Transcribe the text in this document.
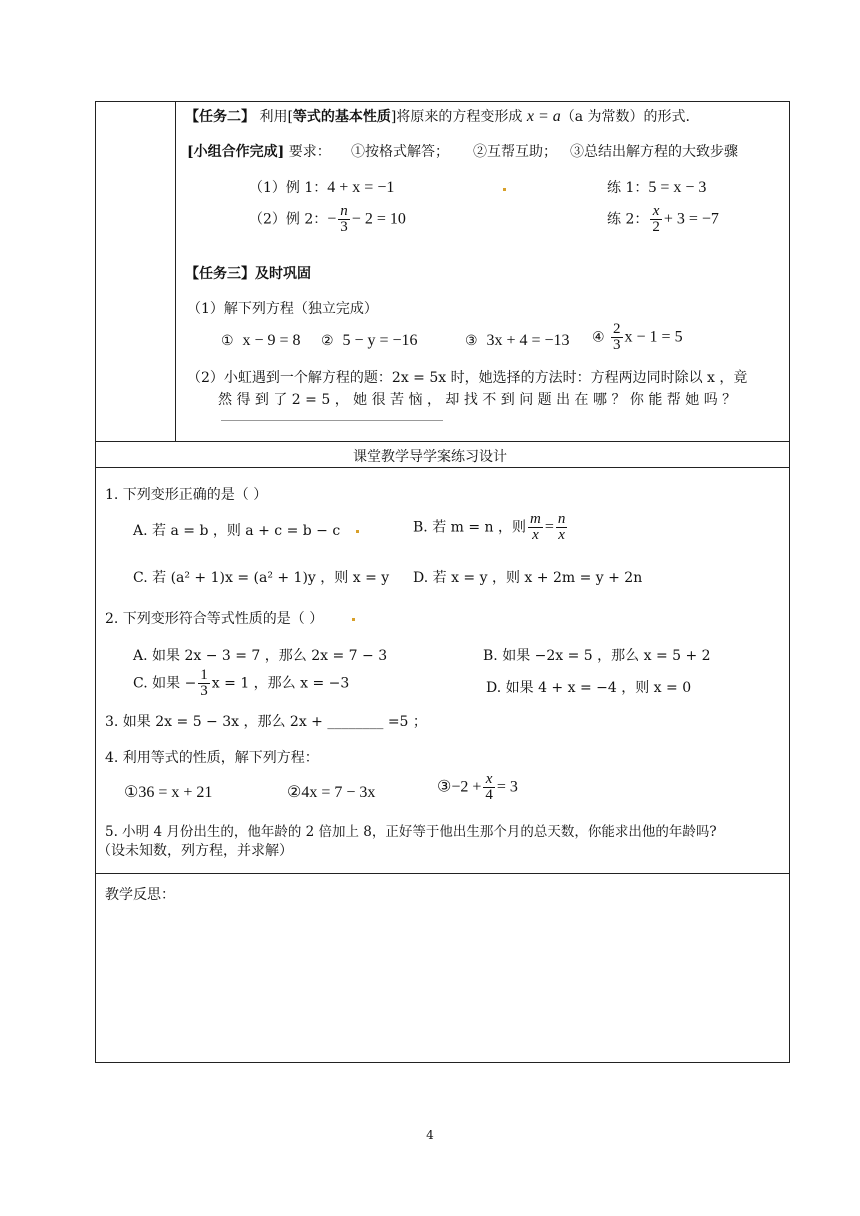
【任务二】 利用[等式的基本性质]将原来的方程变形成 x = a（a 为常数）的形式.
[小组合作完成] 要求： ①按格式解答； ②互帮互助； ③总结出解方程的大致步骤
（1）例 1：4 + x = −1	练 1：5 = x − 3
（2）例 2：− $\frac{n}{3} - 2 = 10$	练 2： $\frac{x}{2} + 3 = -7$
【任务三】及时巩固
（1）解下列方程（独立完成）
① x − 9 = 8 ② 5 − y = −16	③ 3x + 4 = −13 ④ $\frac{2}{3}$ x − 1 = 5
（2）小虹遇到一个解方程的题：2x = 5x 时，她选择的方法时：方程两边同时除以 x ，竟
然 得 到 了 2 = 5 ， 她 很 苦 恼 ， 却 找 不 到 问 题 出 在 哪 ？ 你 能 帮 她 吗 ？
课堂教学导学案练习设计
1. 下列变形正确的是（ ）
A. 若 a = b ，则 a + c = b − c	B. 若 m = n ，则 $\frac{m}{x} = \frac{n}{x}$
C. 若 (a² + 1)x = (a² + 1)y ，则 x = y D. 若 x = y ，则 x + 2m = y + 2n
2. 下列变形符合等式性质的是（ ）
A. 如果 2x − 3 = 7 ，那么 2x = 7 − 3	B. 如果 −2x = 5 ，那么 x = 5 + 2
C. 如果 − $\frac{1}{3}$ x = 1 ，那么 x = −3	D. 如果 4 + x = −4 ，则 x = 0
3. 如果 2x = 5 − 3x ，那么 2x + ________ =5 ；
4. 利用等式的性质，解下列方程：
①36 = x + 21	②4x = 7 − 3x	③−2 + $\frac{x}{4} = 3$
5. 小明 4 月份出生的，他年龄的 2 倍加上 8，正好等于他出生那个月的总天数，你能求出他的年龄吗?
（设未知数，列方程，并求解）
教学反思：
4
